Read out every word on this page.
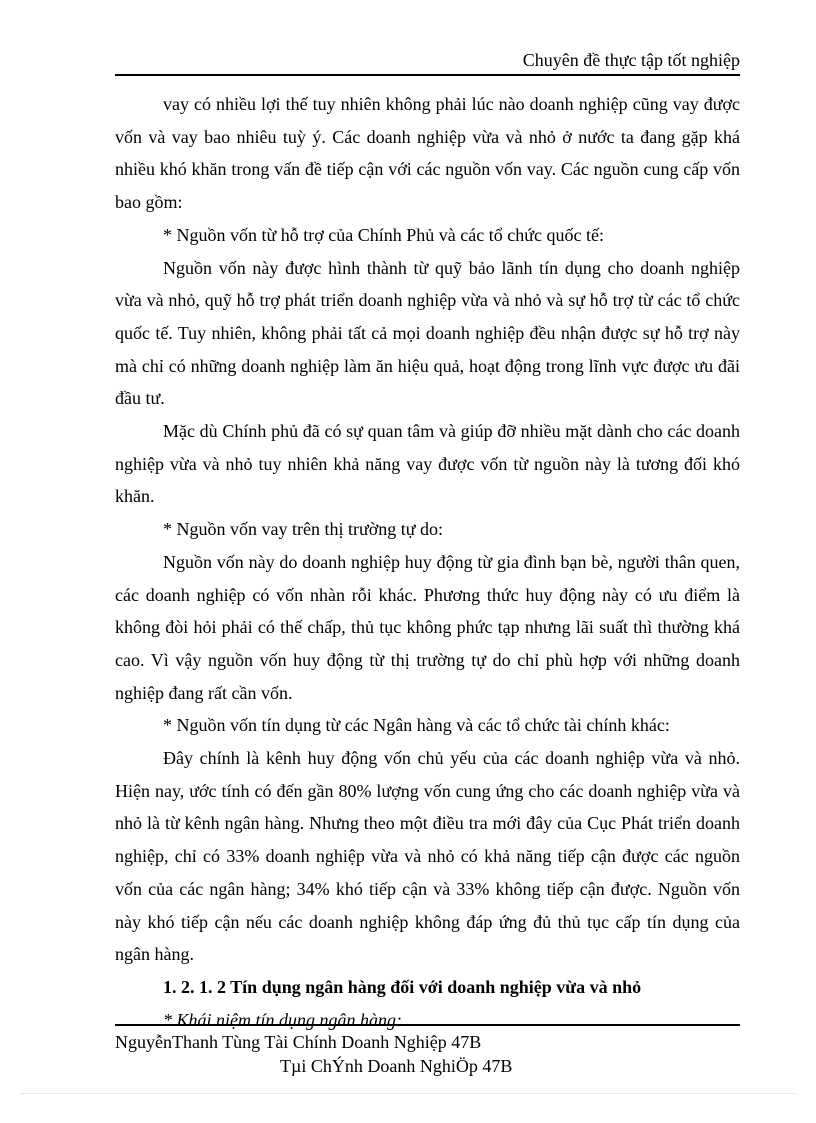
Chuyên đề thực tập tốt nghiệp

vay có nhiều lợi thế tuy nhiên không phải lúc nào doanh nghiệp cũng vay được vốn và vay bao nhiêu tuỳ ý. Các doanh nghiệp vừa và nhỏ ở nước ta đang gặp khá nhiều khó khăn trong vấn đề tiếp cận với các nguồn vốn vay. Các nguồn cung cấp vốn bao gồm:

* Nguồn vốn từ hỗ trợ của Chính Phủ và các tổ chức quốc tế:

Nguồn vốn này được hình thành từ quỹ bảo lãnh tín dụng cho doanh nghiệp vừa và nhỏ, quỹ hỗ trợ phát triển doanh nghiệp vừa và nhỏ và sự hỗ trợ từ các tổ chức quốc tế. Tuy nhiên, không phải tất cả mọi doanh nghiệp đều nhận được sự hỗ trợ này mà chỉ có những doanh nghiệp làm ăn hiệu quả, hoạt động trong lĩnh vực được ưu đãi đầu tư.

Mặc dù Chính phủ đã có sự quan tâm và giúp đỡ nhiều mặt dành cho các doanh nghiệp vừa và nhỏ tuy nhiên khả năng vay được vốn từ nguồn này là tương đối khó khăn.

* Nguồn vốn vay trên thị trường tự do:

Nguồn vốn này do doanh nghiệp huy động từ gia đình bạn bè, người thân quen, các doanh nghiệp có vốn nhàn rỗi khác. Phương thức huy động này có ưu điểm là không đòi hỏi phải có thế chấp, thủ tục không phức tạp nhưng lãi suất thì thường khá cao. Vì vậy nguồn vốn huy động từ thị trường tự do chỉ phù hợp với những doanh nghiệp đang rất cần vốn.

* Nguồn vốn tín dụng từ các Ngân hàng và các tổ chức tài chính khác:

Đây chính là kênh huy động vốn chủ yếu của các doanh nghiệp vừa và nhỏ. Hiện nay, ước tính có đến gần 80% lượng vốn cung ứng cho các doanh nghiệp vừa và nhỏ là từ kênh ngân hàng. Nhưng theo một điều tra mới đây của Cục Phát triển doanh nghiệp, chỉ có 33% doanh nghiệp vừa và nhỏ có khả năng tiếp cận được các nguồn vốn của các ngân hàng; 34% khó tiếp cận và 33% không tiếp cận được. Nguồn vốn này khó tiếp cận nếu các doanh nghiệp không đáp ứng đủ thủ tục cấp tín dụng của ngân hàng.

1. 2. 1. 2 Tín dụng ngân hàng đối với doanh nghiệp vừa và nhỏ

* Khái niệm tín dụng ngân hàng:

NguyễnThanh Tùng Tài Chính Doanh Nghiệp 47B
Tµi ChÝnh Doanh NghiÖp 47B
